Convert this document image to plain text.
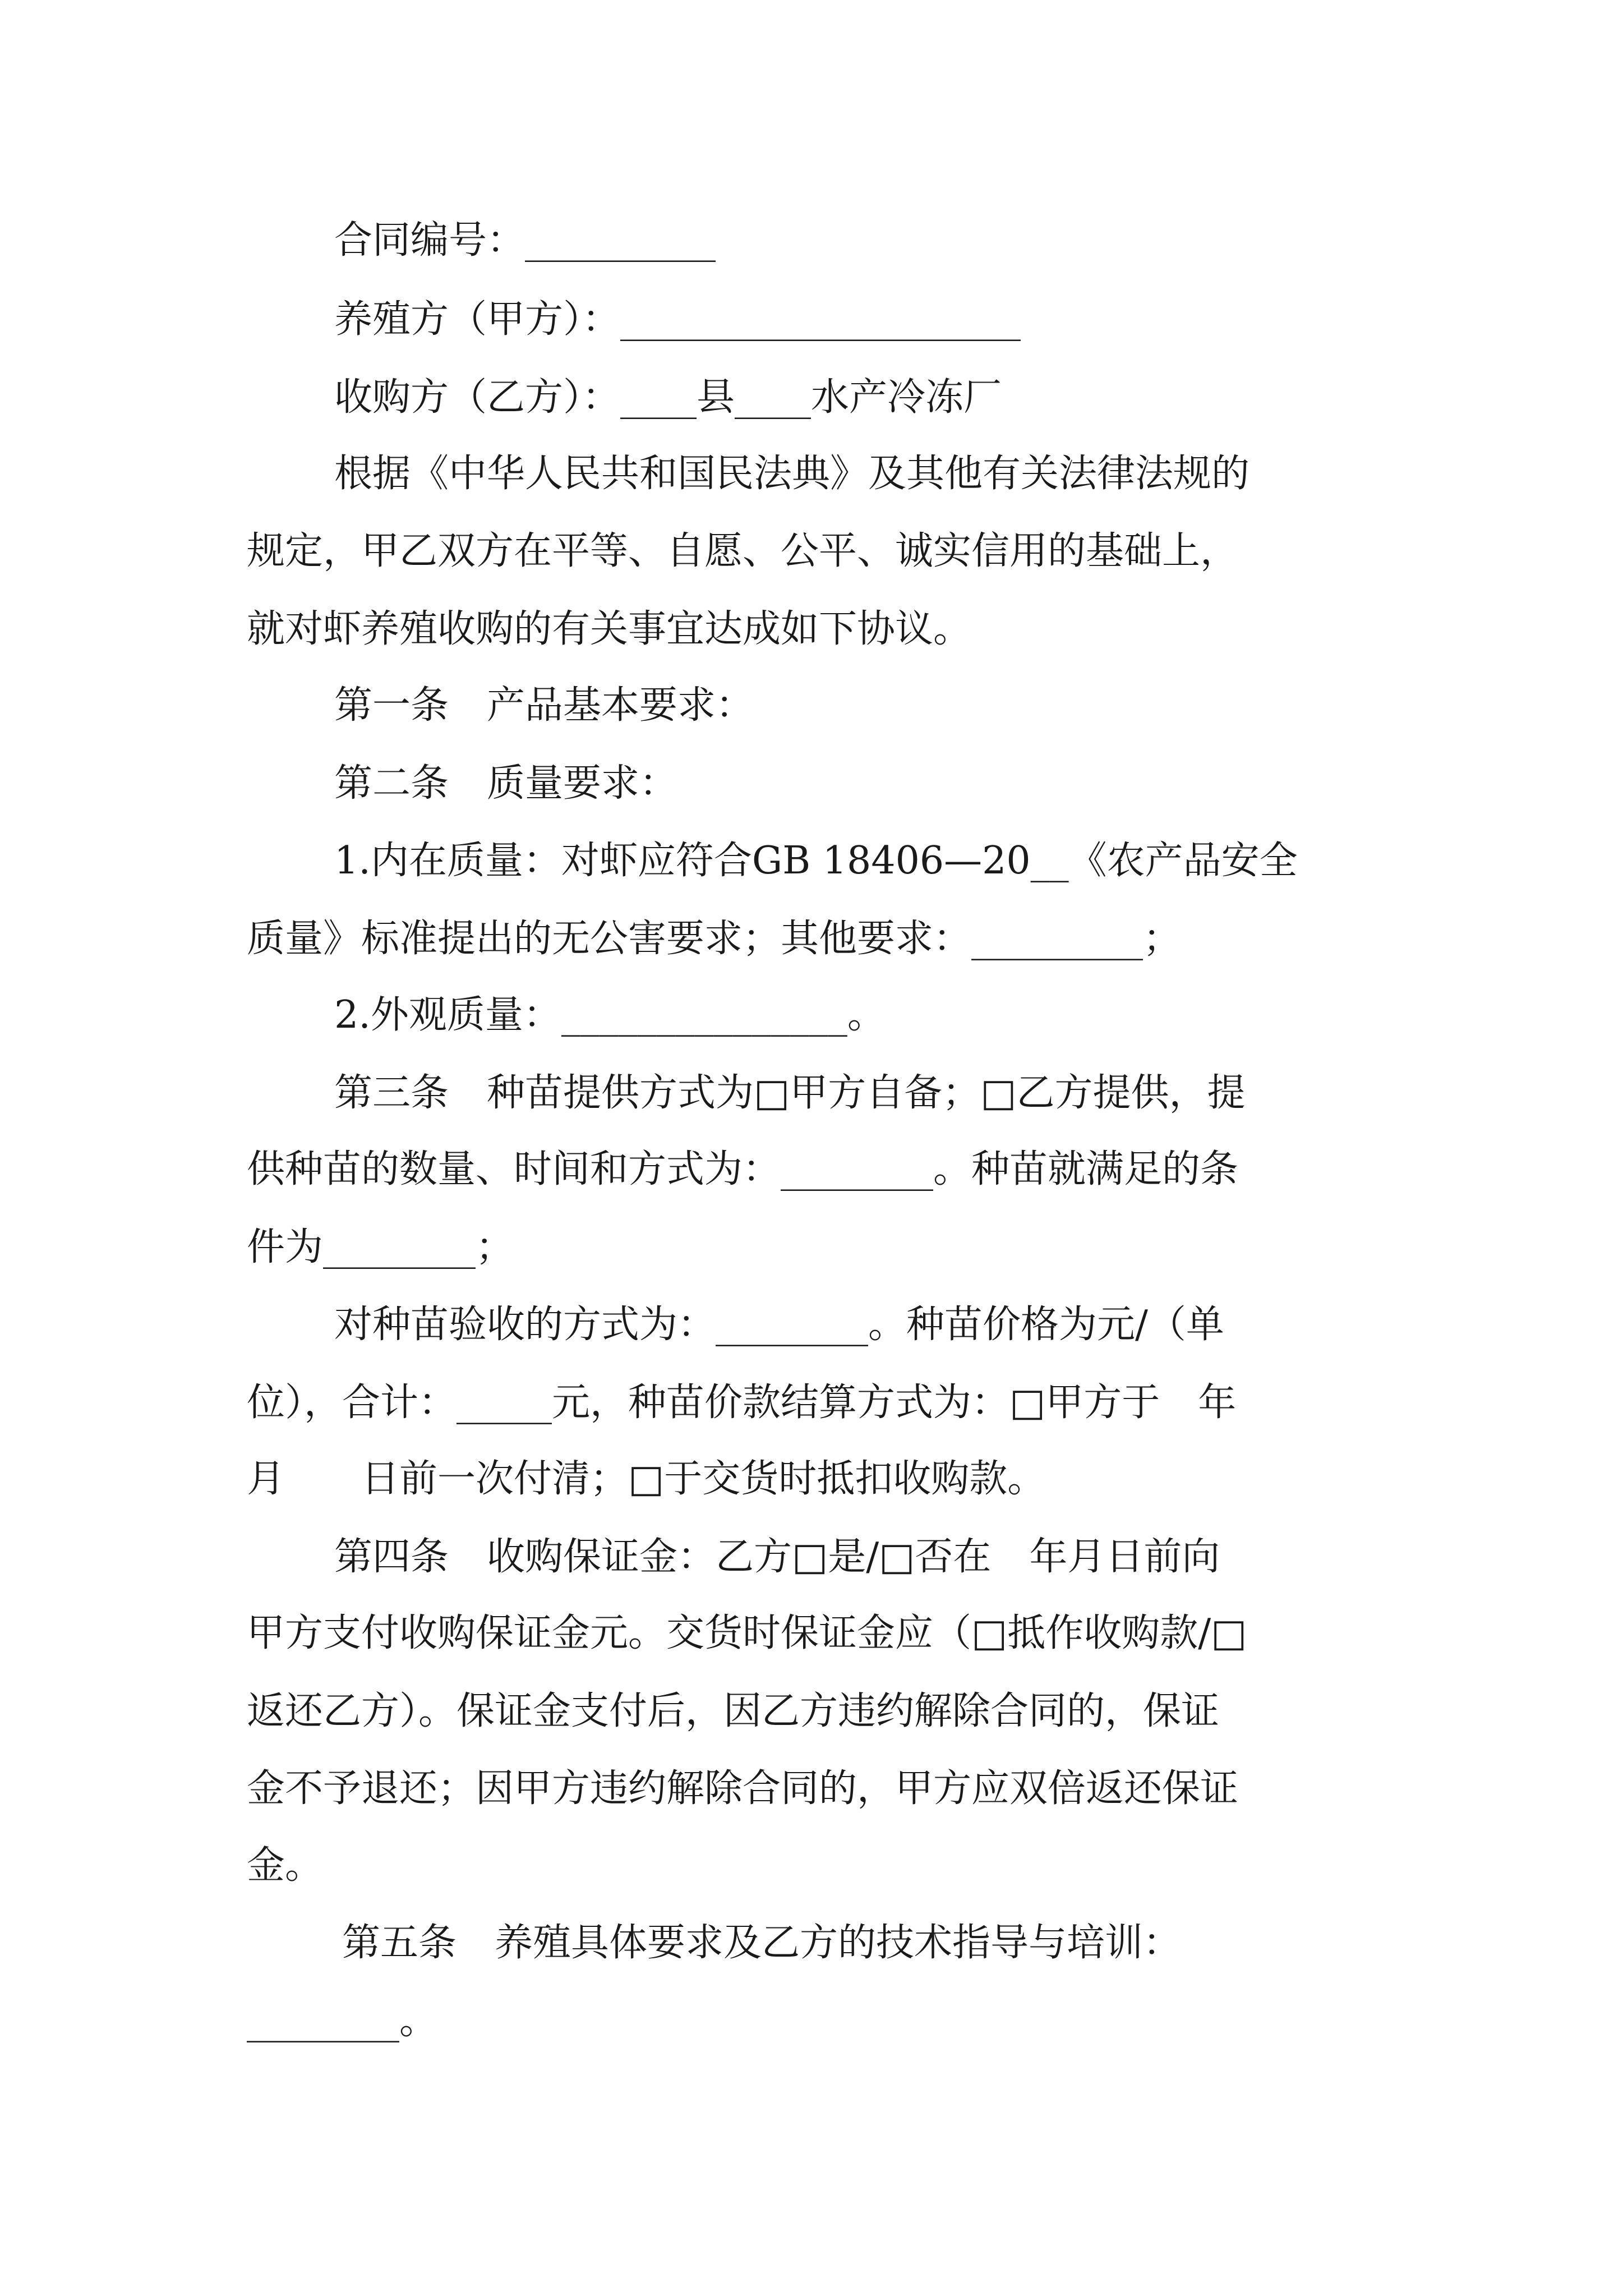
合同编号：__________
养殖方（甲方）：_____________________
收购方（乙方）：____县____水产冷冻厂
根据《中华人民共和国民法典》及其他有关法律法规的
规定，甲乙双方在平等、自愿、公平、诚实信用的基础上，
就对虾养殖收购的有关事宜达成如下协议。
第一条　产品基本要求：
第二条　质量要求：
1.内在质量：对虾应符合GB 18406—20__《农产品安全
质量》标准提出的无公害要求；其他要求：_________；
2.外观质量：_______________。
第三条　种苗提供方式为□甲方自备；□乙方提供，提
供种苗的数量、时间和方式为：________。种苗就满足的条
件为________；
对种苗验收的方式为：________。种苗价格为元/（单
位），合计：_____元，种苗价款结算方式为：□甲方于　年
月　　日前一次付清；□于交货时抵扣收购款。
第四条　收购保证金：乙方□是/□否在　年月日前向
甲方支付收购保证金元。交货时保证金应（□抵作收购款/□
返还乙方）。保证金支付后，因乙方违约解除合同的，保证
金不予退还；因甲方违约解除合同的，甲方应双倍返还保证
金。
第五条　养殖具体要求及乙方的技术指导与培训：
________。
